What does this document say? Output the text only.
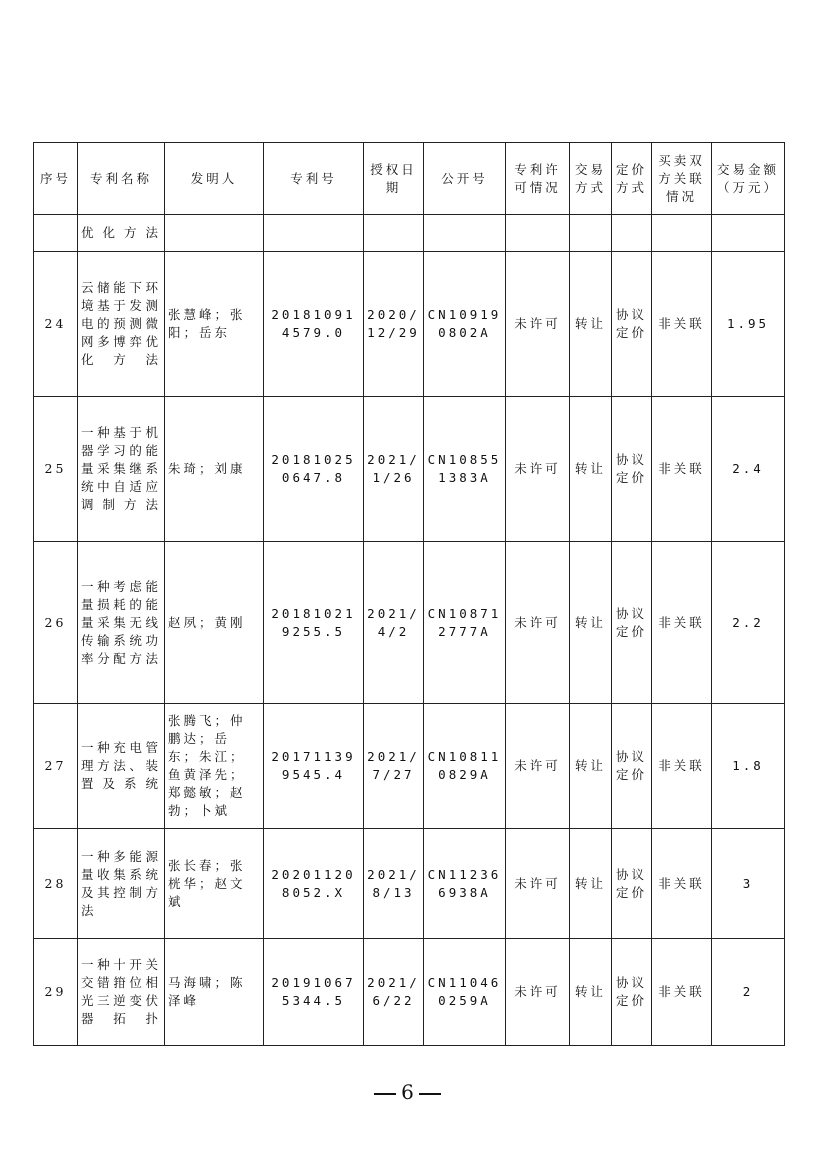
序号	专利名称	发明人	专利号	授权日期	公开号	专利许可情况	交易方式	定价方式	买卖双方关联情况	交易金额（万元）
	优化方法									
24	云储能下环境基于发测电的预测微网多博弈优化方法	张慧峰；张阳；岳东	201810914579.0	2020/12/29	CN109190802A	未许可	转让	协议定价	非关联	1.95
25	一种基于机器学习的能量采集继系统中自适应调制方法	朱琦；刘康	201810250647.8	2021/1/26	CN108551383A	未许可	转让	协议定价	非关联	2.4
26	一种考虑能量损耗的能量采集无线传输系统功率分配方法	赵夙；黄刚	201810219255.5	2021/4/2	CN108712777A	未许可	转让	协议定价	非关联	2.2
27	一种充电管理方法、装置及系统	张腾飞；仲鹏达；岳东；朱江；鱼黄泽先；郑懿敏；赵勃；卜斌	201711399545.4	2021/7/27	CN108110829A	未许可	转让	协议定价	非关联	1.8
28	一种多能源量收集系统及其控制方法	张长春；张桄华；赵文斌	202011208052.X	2021/8/13	CN112366938A	未许可	转让	协议定价	非关联	3
29	一种十开关交错箝位相光三逆变伏器拓扑	马海啸；陈泽峰	201910675344.5	2021/6/22	CN110460259A	未许可	转让	协议定价	非关联	2
6
